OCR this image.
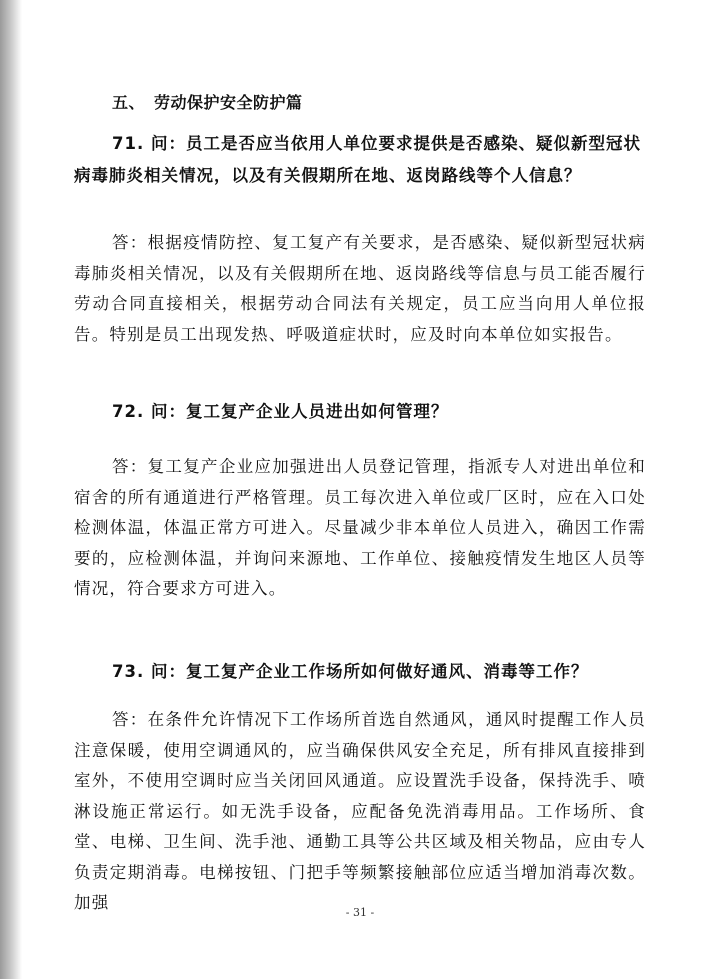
五、 劳动保护安全防护篇

71. 问：员工是否应当依用人单位要求提供是否感染、疑似新型冠状病毒肺炎相关情况，以及有关假期所在地、返岗路线等个人信息？

答：根据疫情防控、复工复产有关要求，是否感染、疑似新型冠状病毒肺炎相关情况，以及有关假期所在地、返岗路线等信息与员工能否履行劳动合同直接相关，根据劳动合同法有关规定，员工应当向用人单位报告。特别是员工出现发热、呼吸道症状时，应及时向本单位如实报告。

72. 问：复工复产企业人员进出如何管理？

答：复工复产企业应加强进出人员登记管理，指派专人对进出单位和宿舍的所有通道进行严格管理。员工每次进入单位或厂区时，应在入口处检测体温，体温正常方可进入。尽量减少非本单位人员进入，确因工作需要的，应检测体温，并询问来源地、工作单位、接触疫情发生地区人员等情况，符合要求方可进入。

73. 问：复工复产企业工作场所如何做好通风、消毒等工作？

答：在条件允许情况下工作场所首选自然通风，通风时提醒工作人员注意保暖，使用空调通风的，应当确保供风安全充足，所有排风直接排到室外，不使用空调时应当关闭回风通道。应设置洗手设备，保持洗手、喷淋设施正常运行。如无洗手设备，应配备免洗消毒用品。工作场所、食堂、电梯、卫生间、洗手池、通勤工具等公共区域及相关物品，应由专人负责定期消毒。电梯按钮、门把手等频繁接触部位应适当增加消毒次数。加强

- 31 -
